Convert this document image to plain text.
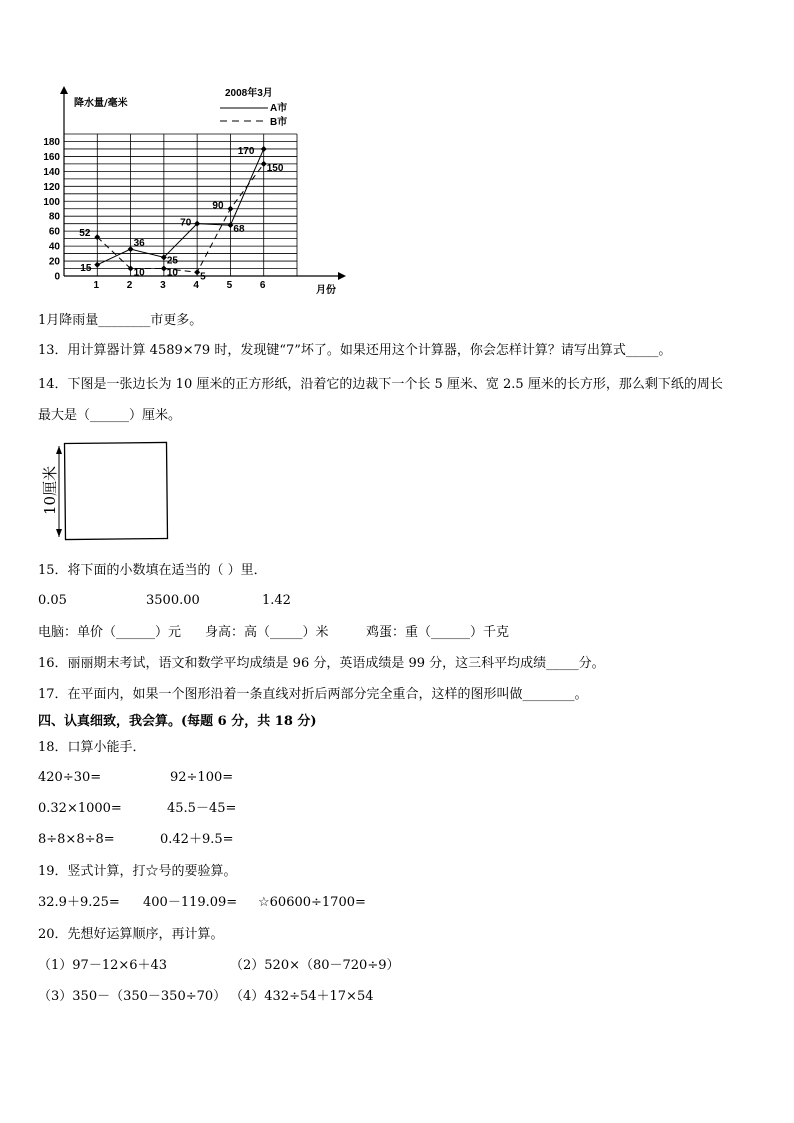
降水量/毫米
月份
2008年3月
A市
B市
0
20
40
60
80
100
120
140
160
180
1	2	3	4	5	6
15
36
25
70
68
170
52
10 10 5
90
150
1月降雨量________市更多。
13．用计算器计算 4589×79 时，发现键“7”坏了。如果还用这个计算器，你会怎样计算？请写出算式_____。
14．下图是一张边长为 10 厘米的正方形纸，沿着它的边裁下一个长 5 厘米、宽 2.5 厘米的长方形，那么剩下纸的周长
最大是（______）厘米。
10厘米
15．将下面的小数填在适当的（ ）里．
0.05	3500.00	1.42
电脑：单价（______）元 身高：高（_____）米	鸡蛋：重（______）千克
16．丽丽期末考试，语文和数学平均成绩是 96 分，英语成绩是 99 分，这三科平均成绩_____分。
17．在平面内，如果一个图形沿着一条直线对折后两部分完全重合，这样的图形叫做________。
四、认真细致，我会算。(每题 6 分，共 18 分)
18．口算小能手．
420÷30=	92÷100=
0.32×1000=	45.5－45=
8÷8×8÷8=	0.42＋9.5=
19．竖式计算，打☆号的要验算。
32.9＋9.25= 400－119.09= ☆60600÷1700=
20．先想好运算顺序，再计算。
（1）97－12×6＋43	（2）520×（80－720÷9）
（3）350－（350－350÷70） （4）432÷54＋17×54
